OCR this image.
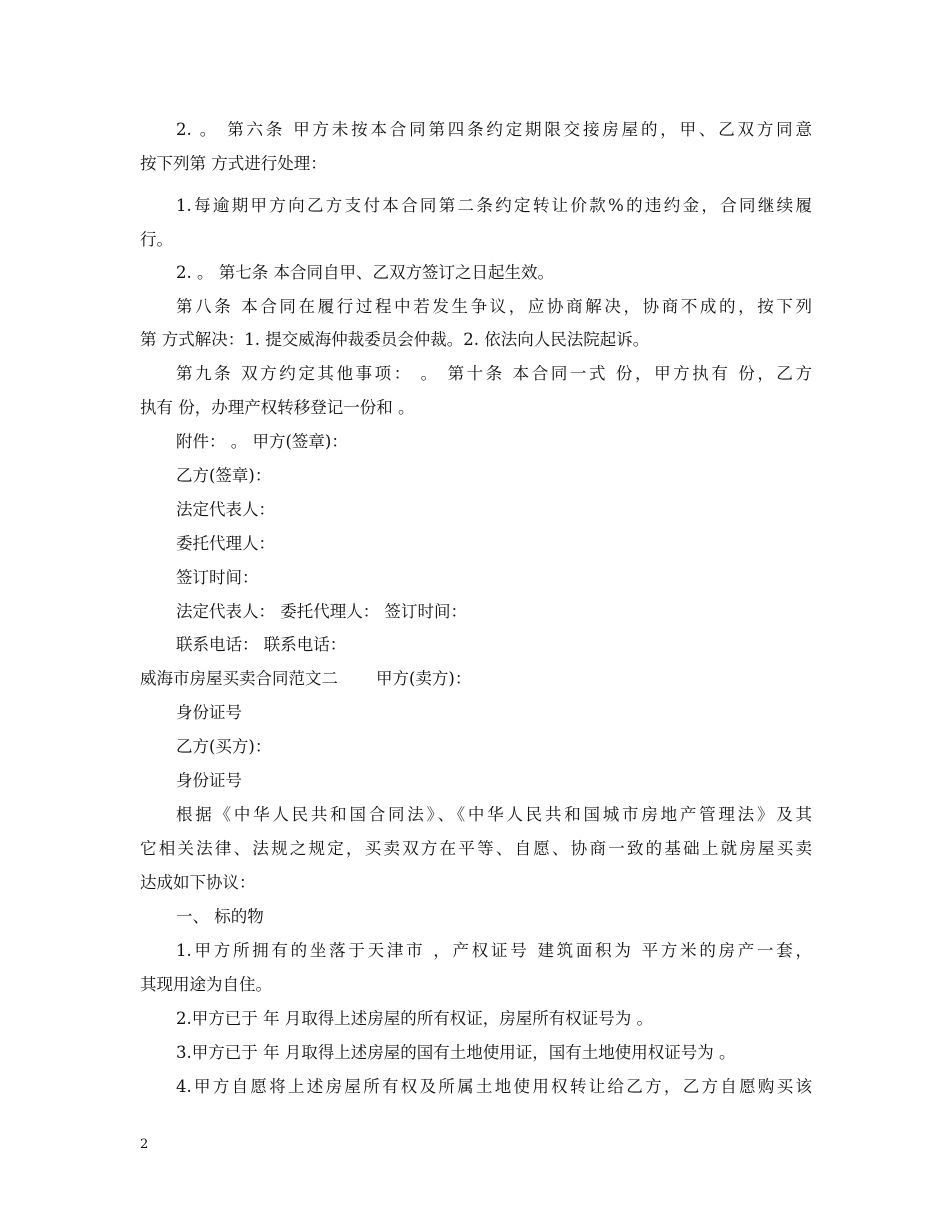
2. 。 第六条 甲方未按本合同第四条约定期限交接房屋的，甲、乙双方同意
按下列第 方式进行处理：
1.每逾期甲方向乙方支付本合同第二条约定转让价款%的违约金，合同继续履
行。
2. 。 第七条 本合同自甲、乙双方签订之日起生效。
第八条 本合同在履行过程中若发生争议，应协商解决，协商不成的，按下列
第 方式解决：1. 提交威海仲裁委员会仲裁。2. 依法向人民法院起诉。
第九条 双方约定其他事项： 。 第十条 本合同一式 份，甲方执有 份，乙方
执有 份，办理产权转移登记一份和 。
附件： 。 甲方(签章)：
乙方(签章)：
法定代表人：
委托代理人：
签订时间：
法定代表人： 委托代理人： 签订时间：
联系电话： 联系电话：
威海市房屋买卖合同范文二 甲方(卖方)：
身份证号
乙方(买方)：
身份证号
根据《中华人民共和国合同法》、《中华人民共和国城市房地产管理法》及其
它相关法律、法规之规定，买卖双方在平等、自愿、协商一致的基础上就房屋买卖
达成如下协议：
一、 标的物
1.甲方所拥有的坐落于天津市 ，产权证号 建筑面积为 平方米的房产一套，
其现用途为自住。
2.甲方已于 年 月取得上述房屋的所有权证，房屋所有权证号为 。
3.甲方已于 年 月取得上述房屋的国有土地使用证，国有土地使用权证号为 。
4.甲方自愿将上述房屋所有权及所属土地使用权转让给乙方，乙方自愿购买该
2
